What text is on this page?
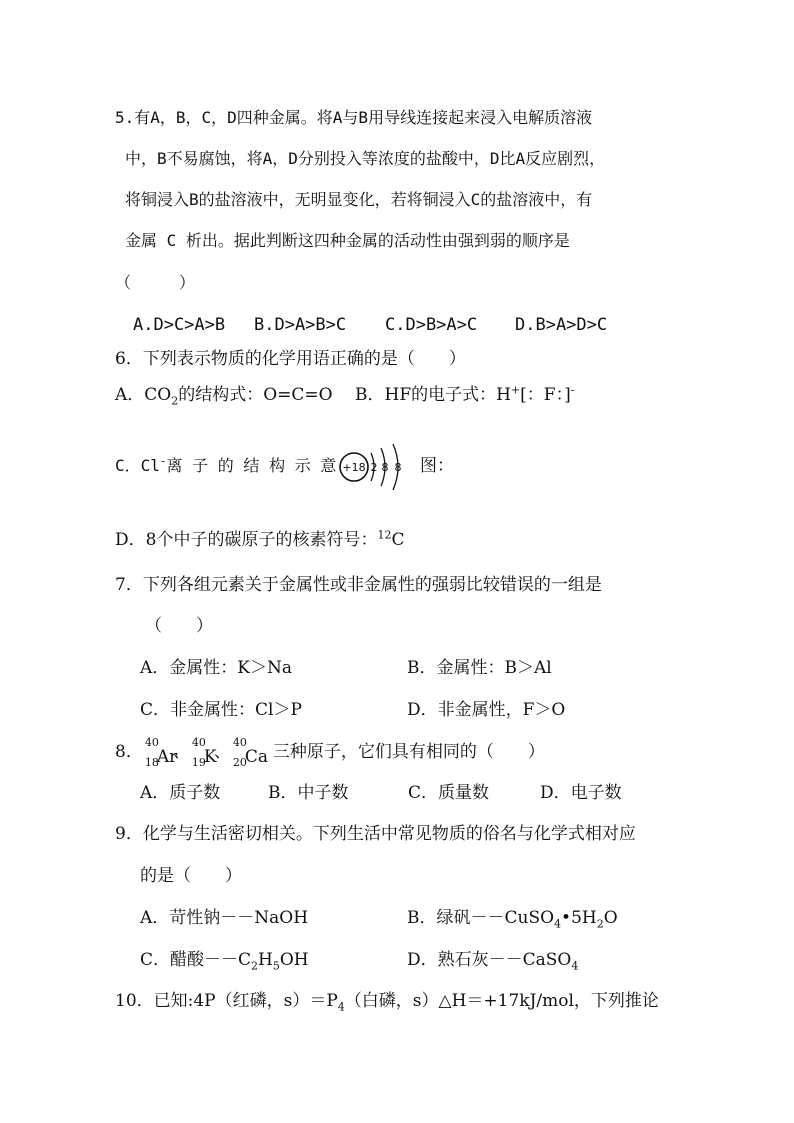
5.有A，B，C，D四种金属。将A与B用导线连接起来浸入电解质溶液
中，B不易腐蚀，将A，D分别投入等浓度的盐酸中，D比A反应剧烈，
将铜浸入B的盐溶液中，无明显变化，若将铜浸入C的盐溶液中，有
金属 C 析出。据此判断这四种金属的活动性由强到弱的顺序是
（　　　）
A.D>C>A>B B.D>A>B>C C.D>B>A>C D.B>A>D>C
6．下列表示物质的化学用语正确的是（　　）
A．$CO_2$的结构式：O=C=O　 B．HF的电子式：H+[：F：]-
C．Cl-离 子 的 结 构 示 意 +18 2 8 8 图：
D．8个中子的碳原子的核素符号：$^{12}$C
7．下列各组元素关于金属性或非金属性的强弱比较错误的一组是
（　　）
A．金属性：K＞Na	B．金属性：B＞Al
C．非金属性：Cl＞P	D．非金属性，F＞O
8． 40
18
Ar
、 40
19
K
、 40
20
Ca 三种原子，它们具有相同的（　　）
A．质子数	B．中子数	C．质量数	D．电子数
9．化学与生活密切相关。下列生活中常见物质的俗名与化学式相对应
的是（　　）
A．苛性钠－－NaOH	B．绿矾$--CuSO_4•5H_2O$
C．醋酸$--C_2H_5OH$	D．熟石灰－－CaSO$_4$
10．已知:4P（红磷，$s)=P_4$（白磷，s）△H＝+17kJ/mol，下列推论
